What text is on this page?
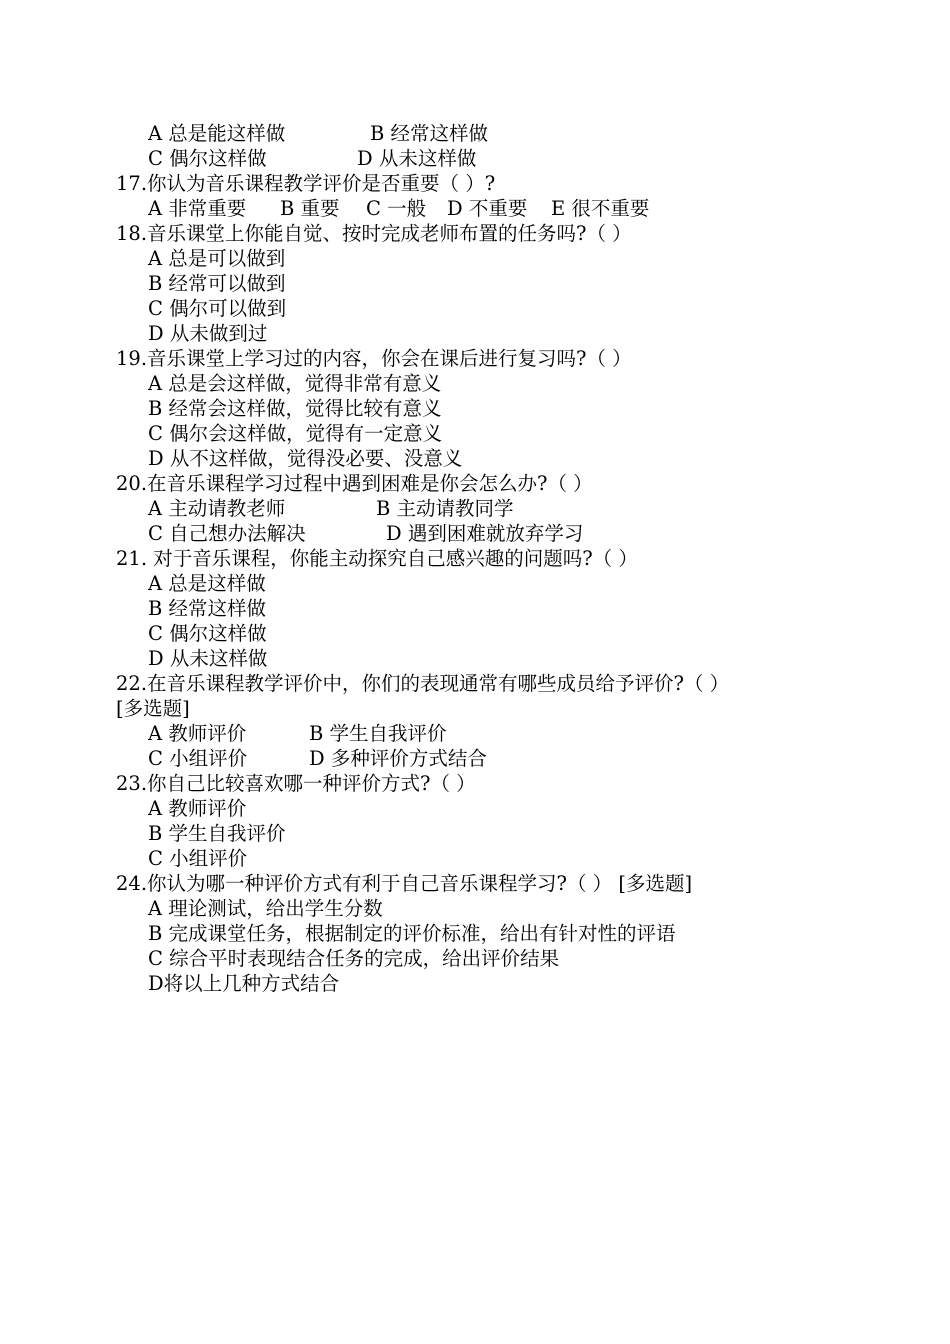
A 总是能这样做	B 经常这样做
C 偶尔这样做	D 从未这样做
17.你认为音乐课程教学评价是否重要（ ）?
A 非常重要 B 重要 C 一般 D 不重要 E 很不重要
18.音乐课堂上你能自觉、按时完成老师布置的任务吗?（ ）
A 总是可以做到
B 经常可以做到
C 偶尔可以做到
D 从未做到过
19.音乐课堂上学习过的内容，你会在课后进行复习吗?（ ）
A 总是会这样做，觉得非常有意义
B 经常会这样做，觉得比较有意义
C 偶尔会这样做，觉得有一定意义
D 从不这样做，觉得没必要、没意义
20.在音乐课程学习过程中遇到困难是你会怎么办?（ ）
A 主动请教老师	B 主动请教同学
C 自己想办法解决	D 遇到困难就放弃学习
21. 对于音乐课程，你能主动探究自己感兴趣的问题吗?（ ）
A 总是这样做
B 经常这样做
C 偶尔这样做
D 从未这样做
22.在音乐课程教学评价中，你们的表现通常有哪些成员给予评价?（ ）
[多选题]
A 教师评价	B 学生自我评价
C 小组评价	D 多种评价方式结合
23.你自己比较喜欢哪一种评价方式?（ ）
A 教师评价
B 学生自我评价
C 小组评价
24.你认为哪一种评价方式有利于自己音乐课程学习?（ ） [多选题]
A 理论测试，给出学生分数
B 完成课堂任务，根据制定的评价标准，给出有针对性的评语
C 综合平时表现结合任务的完成，给出评价结果
D将以上几种方式结合
